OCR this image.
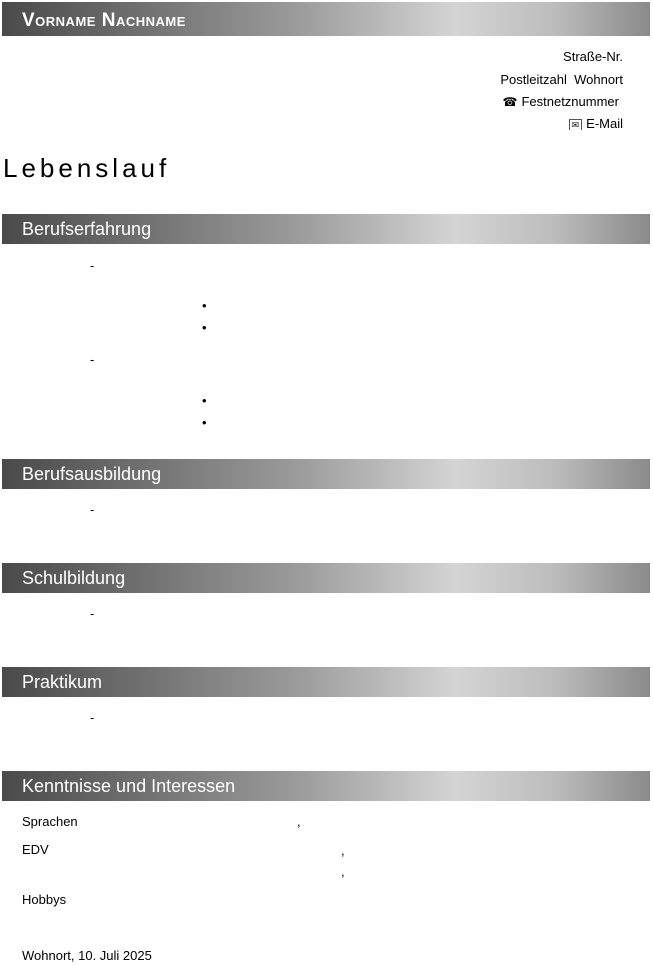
Vorname Nachname
Straße-Nr.
Postleitzahl Wohnort
☎ Festnetznummer
✉ E-Mail
Lebenslauf
Berufserfahrung
-
•
•
-
•
•
Berufsausbildung
-
Schulbildung
-
Praktikum
-
Kenntnisse und Interessen
Sprachen	,
EDV	,
,
Hobbys
Wohnort, 10. Juli 2025
